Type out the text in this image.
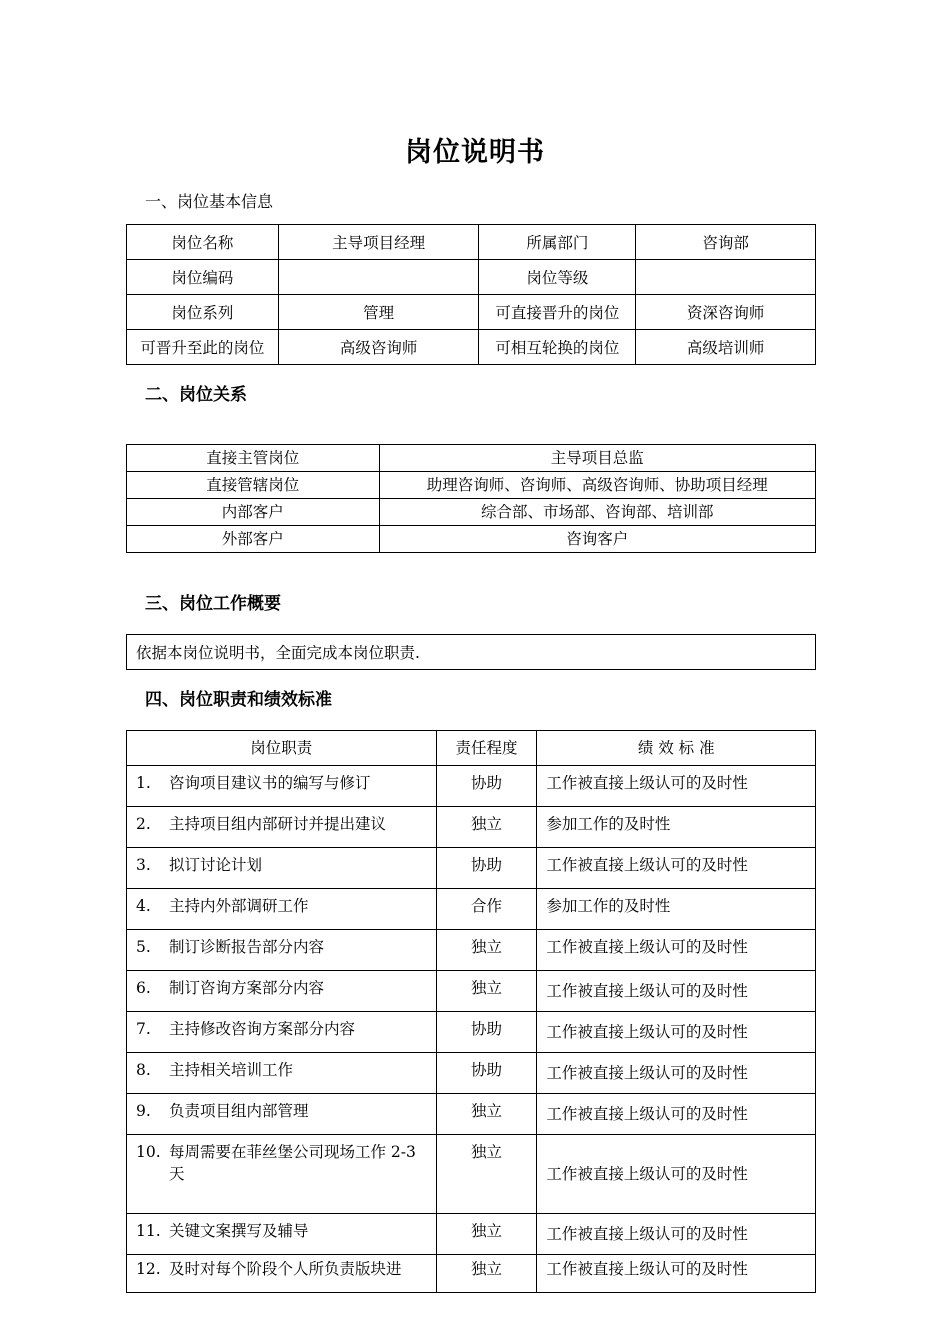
岗位说明书
一、岗位基本信息
岗位名称	主导项目经理	所属部门	咨询部
岗位编码		岗位等级	
岗位系列	管理	可直接晋升的岗位	资深咨询师
可晋升至此的岗位	高级咨询师	可相互轮换的岗位	高级培训师
二、岗位关系
直接主管岗位	主导项目总监
直接管辖岗位	助理咨询师、咨询师、高级咨询师、协助项目经理
内部客户	综合部、市场部、咨询部、培训部
外部客户	咨询客户
三、岗位工作概要
依据本岗位说明书，全面完成本岗位职责.
四、岗位职责和绩效标准
岗位职责	责任程度	绩 效 标 准
1. 咨询项目建议书的编写与修订	协助	工作被直接上级认可的及时性
2. 主持项目组内部研讨并提出建议	独立	参加工作的及时性
3. 拟订讨论计划	协助	工作被直接上级认可的及时性
4. 主持内外部调研工作	合作	参加工作的及时性
5. 制订诊断报告部分内容	独立	工作被直接上级认可的及时性
6. 制订咨询方案部分内容	独立	工作被直接上级认可的及时性
7. 主持修改咨询方案部分内容	协助	工作被直接上级认可的及时性
8. 主持相关培训工作	协助	工作被直接上级认可的及时性
9. 负责项目组内部管理	独立	工作被直接上级认可的及时性

10. 每周需要在菲丝堡公司现场工作 2-3天	独立	工作被直接上级认可的及时性
11. 关键文案撰写及辅导	独立	工作被直接上级认可的及时性
12. 及时对每个阶段个人所负责版块进	独立	工作被直接上级认可的及时性
